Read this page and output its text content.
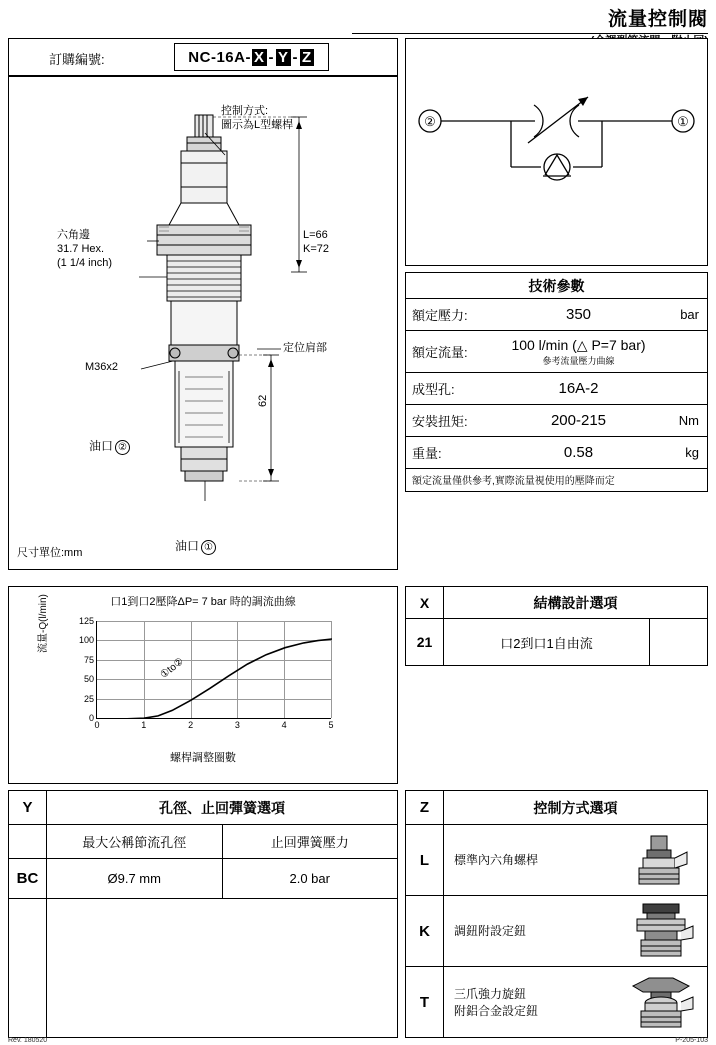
流量控制閥
訂購編號:	NC-16A- X - Y - Z
控制方式:
圖示為L型螺桿
六角邊
31.7 Hex.
(1 1/4 inch)
M36x2
油口 ②
油口 ①
L=66
K=72
定位肩部
62
尺寸單位:mm
②	①
技術參數
額定壓力:	350	bar
額定流量:	100 l/min (△ P=7 bar)
參考流量壓力曲線
成型孔:	16A-2
安裝扭矩:	200-215	Nm
重量:	0.58	kg
額定流量僅供參考,實際流量視使用的壓降而定
口1到口2壓降ΔP= 7 bar 時的調流曲線
流量-Q(l/min)
0
25
50
75
100
125
0	1	2	3	4	5
①to②
螺桿調整圈數
X	結構設計選項
21	口2到口1自由流
Y	孔徑、止回彈簧選項
最大公稱節流孔徑	止回彈簧壓力
BC	Ø9.7 mm	2.0 bar
Z	控制方式選項
L	標準內六角螺桿
K	調鈕附設定鈕
T	三爪強力旋鈕
附鋁合金設定鈕
Rev. 180520	P-205-103
